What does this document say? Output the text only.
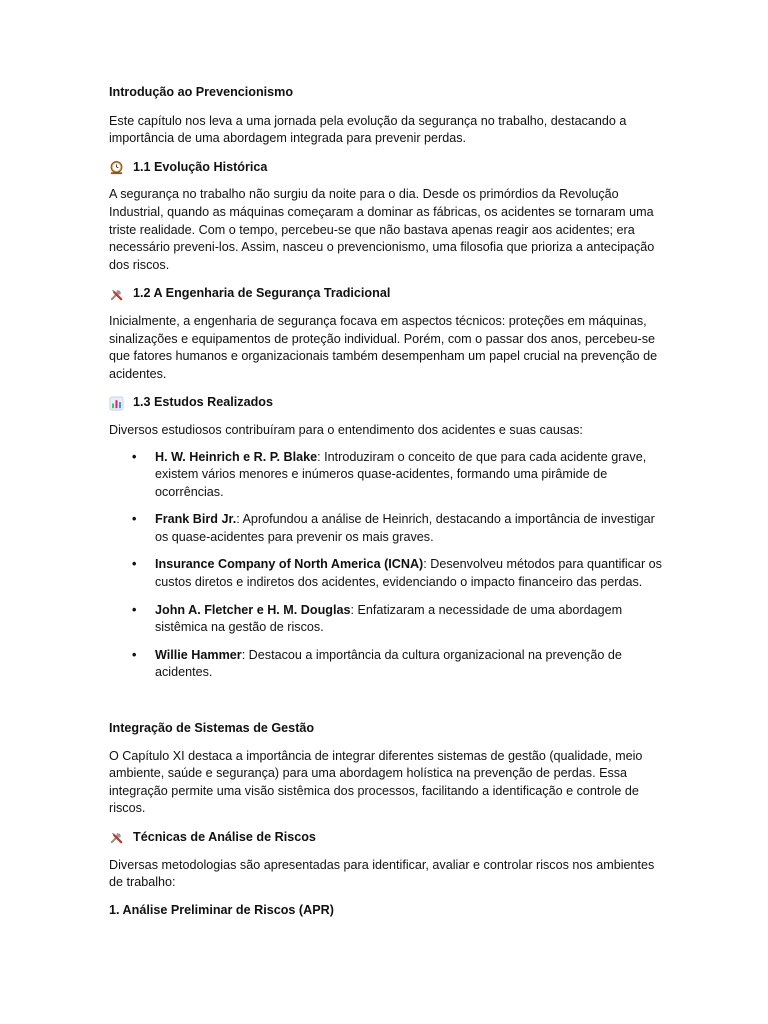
Introdução ao Prevencionismo

Este capítulo nos leva a uma jornada pela evolução da segurança no trabalho, destacando a importância de uma abordagem integrada para prevenir perdas.

1.1 Evolução Histórica

A segurança no trabalho não surgiu da noite para o dia. Desde os primórdios da Revolução Industrial, quando as máquinas começaram a dominar as fábricas, os acidentes se tornaram uma triste realidade. Com o tempo, percebeu-se que não bastava apenas reagir aos acidentes; era necessário preveni-los. Assim, nasceu o prevencionismo, uma filosofia que prioriza a antecipação dos riscos.

1.2 A Engenharia de Segurança Tradicional

Inicialmente, a engenharia de segurança focava em aspectos técnicos: proteções em máquinas, sinalizações e equipamentos de proteção individual. Porém, com o passar dos anos, percebeu-se que fatores humanos e organizacionais também desempenham um papel crucial na prevenção de acidentes.

1.3 Estudos Realizados

Diversos estudiosos contribuíram para o entendimento dos acidentes e suas causas:

• H. W. Heinrich e R. P. Blake: Introduziram o conceito de que para cada acidente grave, existem vários menores e inúmeros quase-acidentes, formando uma pirâmide de ocorrências.
• Frank Bird Jr.: Aprofundou a análise de Heinrich, destacando a importância de investigar os quase-acidentes para prevenir os mais graves.
• Insurance Company of North America (ICNA): Desenvolveu métodos para quantificar os custos diretos e indiretos dos acidentes, evidenciando o impacto financeiro das perdas.
• John A. Fletcher e H. M. Douglas: Enfatizaram a necessidade de uma abordagem sistêmica na gestão de riscos.
• Willie Hammer: Destacou a importância da cultura organizacional na prevenção de acidentes.

Integração de Sistemas de Gestão

O Capítulo XI destaca a importância de integrar diferentes sistemas de gestão (qualidade, meio ambiente, saúde e segurança) para uma abordagem holística na prevenção de perdas. Essa integração permite uma visão sistêmica dos processos, facilitando a identificação e controle de riscos.

Técnicas de Análise de Riscos

Diversas metodologias são apresentadas para identificar, avaliar e controlar riscos nos ambientes de trabalho:

1. Análise Preliminar de Riscos (APR)
